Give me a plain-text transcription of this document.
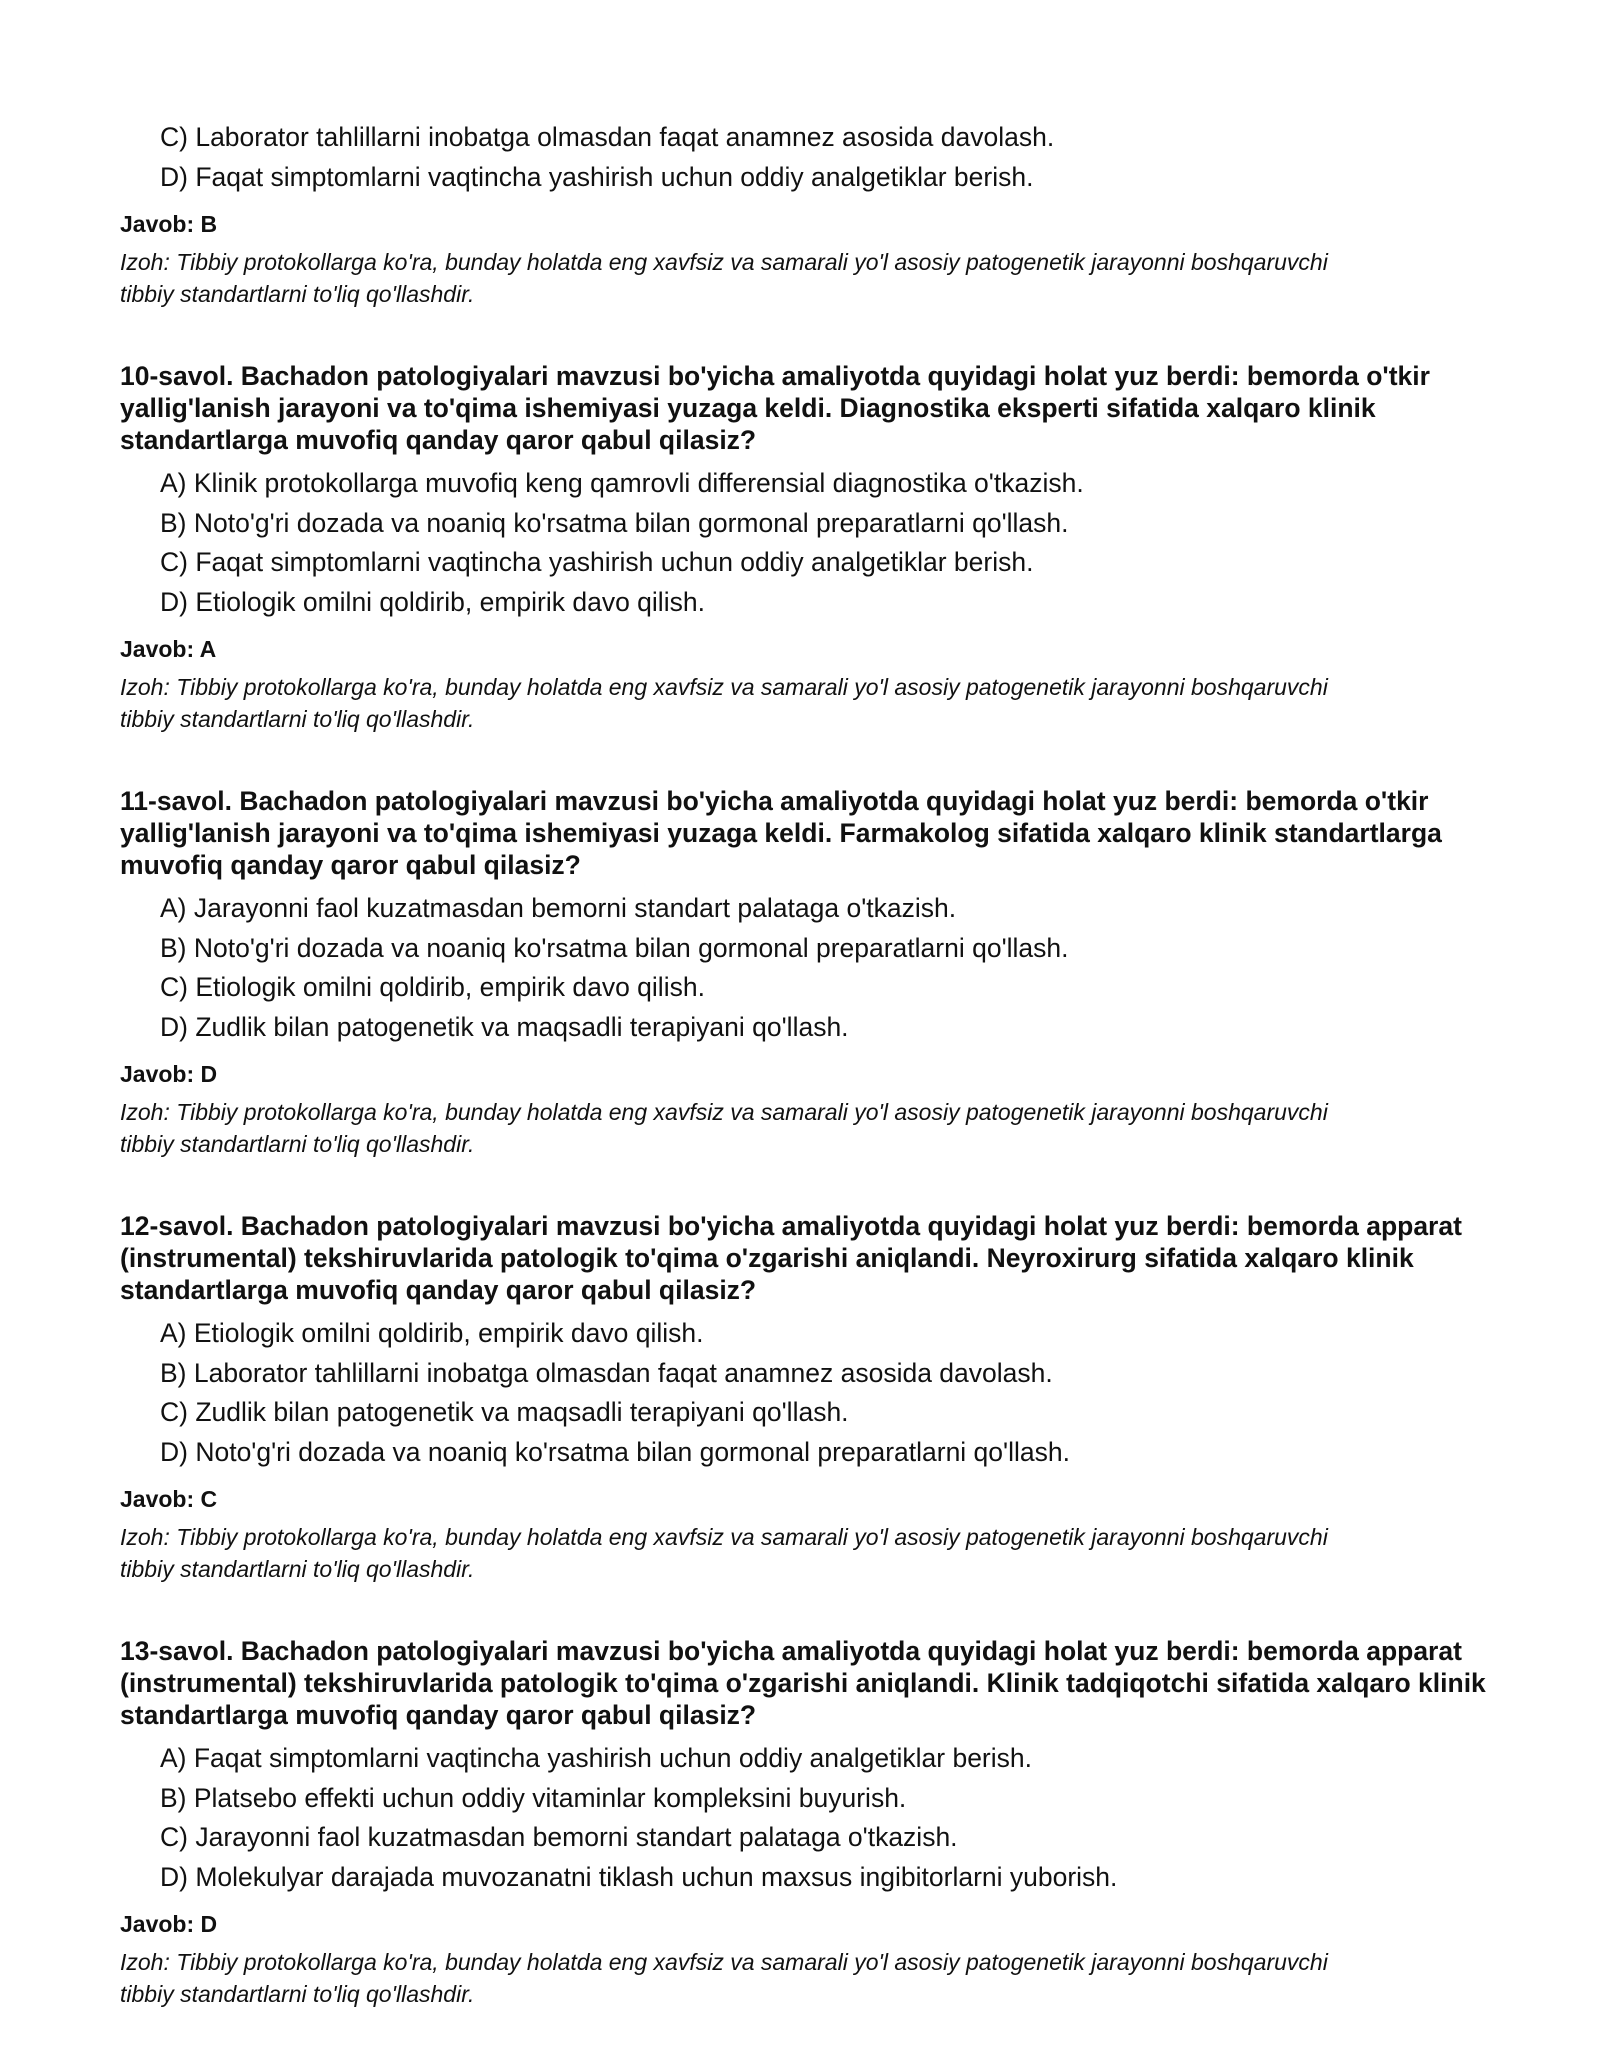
C) Laborator tahlillarni inobatga olmasdan faqat anamnez asosida davolash.
D) Faqat simptomlarni vaqtincha yashirish uchun oddiy analgetiklar berish.
Javob: B
Izoh: Tibbiy protokollarga ko'ra, bunday holatda eng xavfsiz va samarali yo'l asosiy patogenetik jarayonni boshqaruvchi tibbiy standartlarni to'liq qo'llashdir.
10-savol. Bachadon patologiyalari mavzusi bo'yicha amaliyotda quyidagi holat yuz berdi: bemorda o'tkir yallig'lanish jarayoni va to'qima ishemiyasi yuzaga keldi. Diagnostika eksperti sifatida xalqaro klinik standartlarga muvofiq qanday qaror qabul qilasiz?
A) Klinik protokollarga muvofiq keng qamrovli differensial diagnostika o'tkazish.
B) Noto'g'ri dozada va noaniq ko'rsatma bilan gormonal preparatlarni qo'llash.
C) Faqat simptomlarni vaqtincha yashirish uchun oddiy analgetiklar berish.
D) Etiologik omilni qoldirib, empirik davo qilish.
Javob: A
Izoh: Tibbiy protokollarga ko'ra, bunday holatda eng xavfsiz va samarali yo'l asosiy patogenetik jarayonni boshqaruvchi tibbiy standartlarni to'liq qo'llashdir.
11-savol. Bachadon patologiyalari mavzusi bo'yicha amaliyotda quyidagi holat yuz berdi: bemorda o'tkir yallig'lanish jarayoni va to'qima ishemiyasi yuzaga keldi. Farmakolog sifatida xalqaro klinik standartlarga muvofiq qanday qaror qabul qilasiz?
A) Jarayonni faol kuzatmasdan bemorni standart palataga o'tkazish.
B) Noto'g'ri dozada va noaniq ko'rsatma bilan gormonal preparatlarni qo'llash.
C) Etiologik omilni qoldirib, empirik davo qilish.
D) Zudlik bilan patogenetik va maqsadli terapiyani qo'llash.
Javob: D
Izoh: Tibbiy protokollarga ko'ra, bunday holatda eng xavfsiz va samarali yo'l asosiy patogenetik jarayonni boshqaruvchi tibbiy standartlarni to'liq qo'llashdir.
12-savol. Bachadon patologiyalari mavzusi bo'yicha amaliyotda quyidagi holat yuz berdi: bemorda apparat (instrumental) tekshiruvlarida patologik to'qima o'zgarishi aniqlandi. Neyroxirurg sifatida xalqaro klinik standartlarga muvofiq qanday qaror qabul qilasiz?
A) Etiologik omilni qoldirib, empirik davo qilish.
B) Laborator tahlillarni inobatga olmasdan faqat anamnez asosida davolash.
C) Zudlik bilan patogenetik va maqsadli terapiyani qo'llash.
D) Noto'g'ri dozada va noaniq ko'rsatma bilan gormonal preparatlarni qo'llash.
Javob: C
Izoh: Tibbiy protokollarga ko'ra, bunday holatda eng xavfsiz va samarali yo'l asosiy patogenetik jarayonni boshqaruvchi tibbiy standartlarni to'liq qo'llashdir.
13-savol. Bachadon patologiyalari mavzusi bo'yicha amaliyotda quyidagi holat yuz berdi: bemorda apparat (instrumental) tekshiruvlarida patologik to'qima o'zgarishi aniqlandi. Klinik tadqiqotchi sifatida xalqaro klinik standartlarga muvofiq qanday qaror qabul qilasiz?
A) Faqat simptomlarni vaqtincha yashirish uchun oddiy analgetiklar berish.
B) Platsebo effekti uchun oddiy vitaminlar kompleksini buyurish.
C) Jarayonni faol kuzatmasdan bemorni standart palataga o'tkazish.
D) Molekulyar darajada muvozanatni tiklash uchun maxsus ingibitorlarni yuborish.
Javob: D
Izoh: Tibbiy protokollarga ko'ra, bunday holatda eng xavfsiz va samarali yo'l asosiy patogenetik jarayonni boshqaruvchi tibbiy standartlarni to'liq qo'llashdir.
